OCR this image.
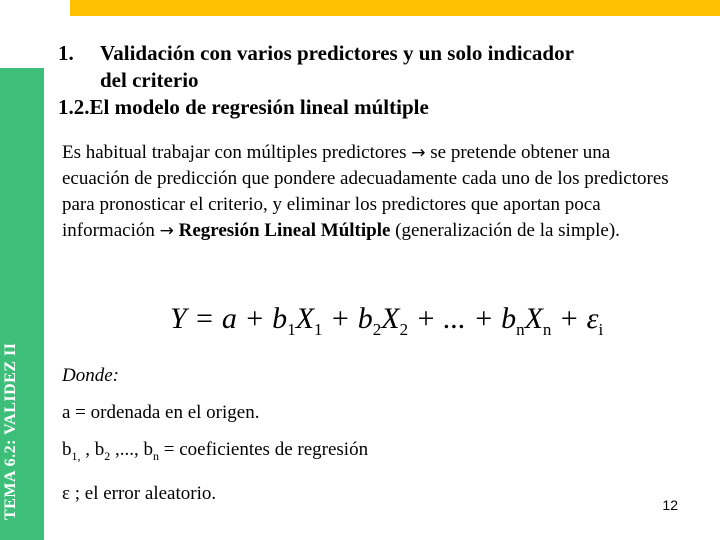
TEMA 6.2: VALIDEZ II
1.	Validación con varios predictores y un solo indicador
del criterio
1.2.El modelo de regresión lineal múltiple
Es habitual trabajar con múltiples predictores → se pretende obtener una ecuación de predicción que pondere adecuadamente cada uno de los predictores para pronosticar el criterio, y eliminar los predictores que aportan poca información → Regresión Lineal Múltiple (generalización de la simple).
$Y = a + b_1X_1 + b_2X_2$ + ... + $b_nX_n + \varepsilon_i$

Donde:

a = ordenada en el origen.

$b_{1,}$ , $b_2$ ,..., $b_n$ = coeficientes de regresión

ε ; el error aleatorio.

12
